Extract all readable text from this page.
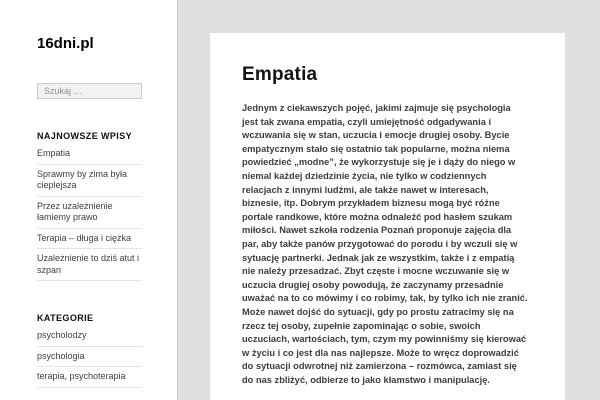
Empatia

Jednym z ciekawszych pojęć, jakimi zajmuje się psychologia jest tak zwana empatia, czyli umiejętność odgadywania i wczuwania się w stan, uczucia i emocje drugiej osoby. Bycie empatycznym stało się ostatnio tak popularne, można niema powiedzieć „modne”, że wykorzystuje się je i dąży do niego w niemal każdej dziedzinie życia, nie tylko w codziennych relacjach z innymi ludźmi, ale także nawet w interesach, biznesie, itp. Dobrym przykładem biznesu mogą być różne portale randkowe, które można odnaleźć pod hasłem szukam miłości. Nawet szkoła rodzenia Poznań proponuje zajęcia dla par, aby także panów przygotować do porodu i by wczuli się w sytuację partnerki. Jednak jak ze wszystkim, także i z empatią nie należy przesadzać. Zbyt częste i mocne wczuwanie się w uczucia drugiej osoby powodują, że zaczynamy przesadnie uważać na to co mówimy i co robimy, tak, by tylko ich nie zranić. Może nawet dojść do sytuacji, gdy po prostu zatracimy się na rzecz tej osoby, zupełnie zapominając o sobie, swoich uczuciach, wartościach, tym, czym my powinniśmy się kierować w życiu i co jest dla nas najlepsze. Może to wręcz doprowadzić do sytuacji odwrotnej niż zamierzona – rozmówca, zamiast się do nas zbliżyć, odbierze to jako kłamstwo i manipulację.

16dni.pl
Szukaj …
NAJNOWSZE WPISY
Empatia
Sprawmy by zima była cieplejsza
Przez uzależnienie łamiemy prawo
Terapia – długa i ciężka
Uzależnienie to dziś atut i szpan
KATEGORIE
psycholodzy
psychologia
terapia, psychoterapia
